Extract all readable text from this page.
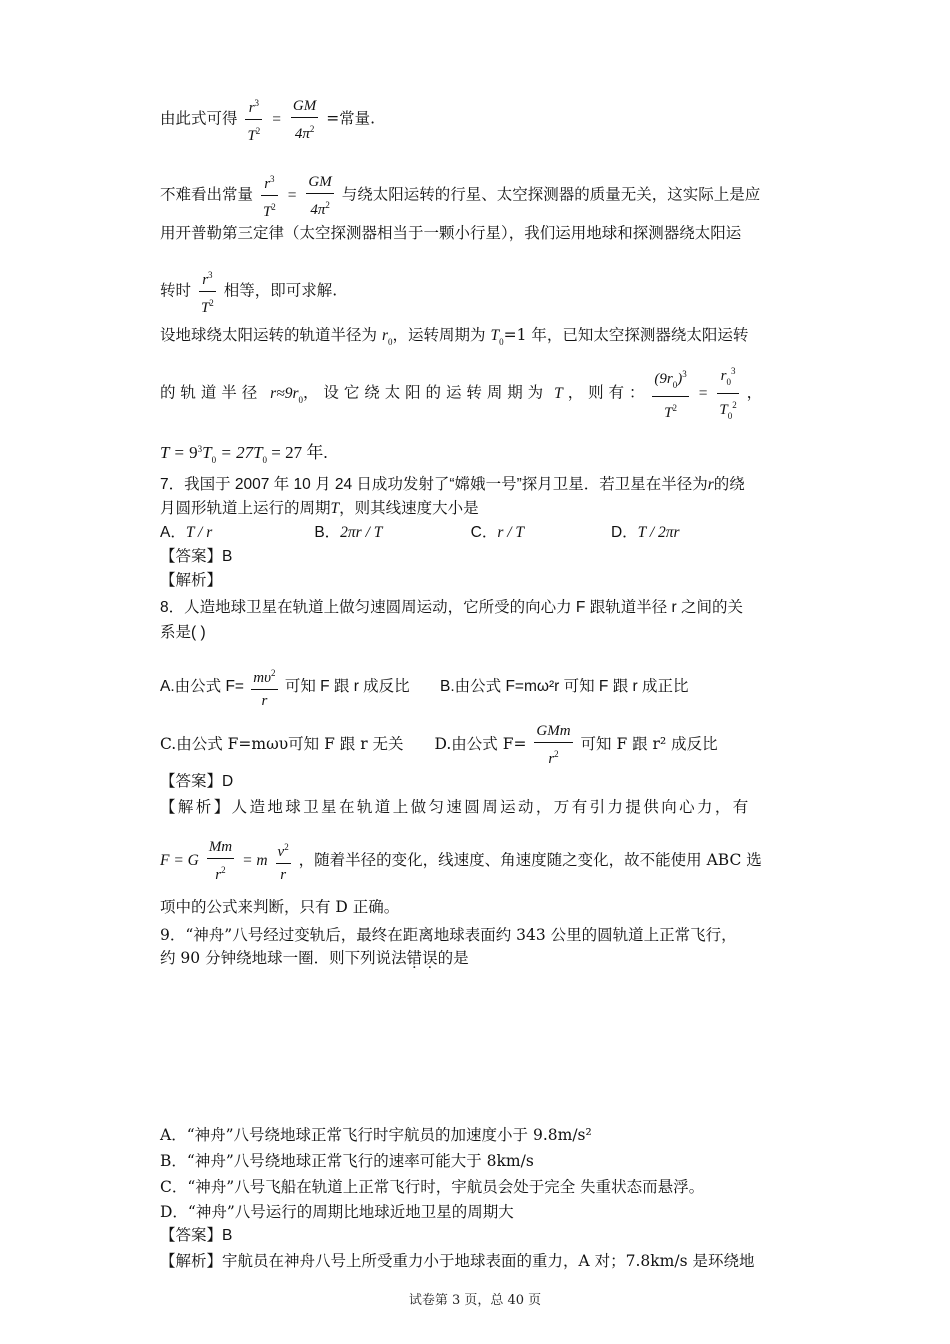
由此式可得 $\frac{r^3}{T^2} = \frac{GM}{4\pi^2}$ =常量.
不难看出常量 $\frac{r^3}{T^2} = \frac{GM}{4\pi^2}$ 与绕太阳运转的行星、太空探测器的质量无关，这实际上是应
用开普勒第三定律（太空探测器相当于一颗小行星），我们运用地球和探测器绕太阳运
转时 $\frac{r^3}{T^2}$ 相等，即可求解.
设地球绕太阳运转的轨道半径为 $r_0$，运转周期为 $T_0=1$ 年，已知太空探测器绕太阳运转
的 轨 道 半 径 $r\approx 9r_0$， 设 它 绕 太 阳 的 运 转 周 期 为 T ， 则 有 ： $\frac{(9r_0)^3}{T^2} = \frac{r_0^3}{T_0^2}$ ，
$T = 9^3T_0 = 27T_0 = 27$ 年.
7．我国于 2007 年 10 月 24 日成功发射了“嫦娥一号”探月卫星．若卫星在半径为r的绕
月圆形轨道上运行的周期T，则其线速度大小是
A．T / r	B．2πr / T	C．r / T	D．T / 2πr
【答案】B
【解析】
8．人造地球卫星在轨道上做匀速圆周运动，它所受的向心力 F 跟轨道半径 r 之间的关
系是( )
A.由公式 $F= \frac{m\upsilon^2}{r}$ 可知 F 跟 r 成反比 B.由公式 F=mω²r 可知 F 跟 r 成正比
C.由公式 F=mωυ可知 F 跟 r 无关 D.由公式 $F= \frac{\text{GMm}}{r^2}$ 可知 F 跟 r² 成反比
【答案】D
【解析】人造地球卫星在轨道上做匀速圆周运动，万有引力提供向心力，有
F = G $\frac{Mm}{r^2} = m \frac{v^2}{r}$ ，随着半径的变化，线速度、角速度随之变化，故不能使用 ABC 选
项中的公式来判断，只有 D 正确。
9．“神舟”八号经过变轨后，最终在距离地球表面约 343 公里的圆轨道上正常飞行，
约 90 分钟绕地球一圈．则下列说法错误的是
A．“神舟”八号绕地球正常飞行时宇航员的加速度小于 9.8m/s²
B．“神舟”八号绕地球正常飞行的速率可能大于 8km/s
C．“神舟”八号飞船在轨道上正常飞行时，宇航员会处于完全 失重状态而悬浮。
D．“神舟”八号运行的周期比地球近地卫星的周期大
【答案】B
【解析】宇航员在神舟八号上所受重力小于地球表面的重力，A 对；7.8km/s 是环绕地
试卷第 3 页，总 40 页
